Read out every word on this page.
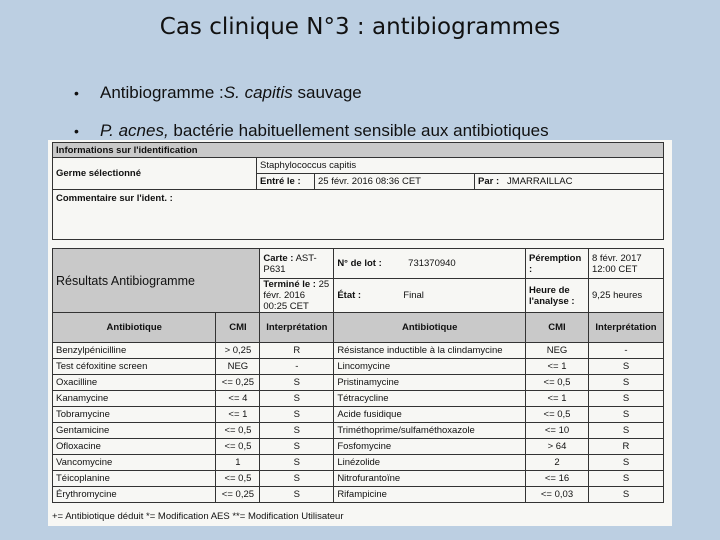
Cas clinique N°3 : antibiogrammes
•	Antibiogramme : S. capitis sauvage
•	P. acnes, bactérie habituellement sensible aux antibiotiques
Informations sur l'identification			
Germe sélectionné	Staphylococcus capitis		
	Entré le :	25 févr. 2016 08:36 CET	Par : JMARRAILLAC
Commentaire sur l'ident. :			
Résultats Antibiogramme		Carte : AST-P631	N° de lot : 731370940	Péremption :	8 févr. 2017 12:00 CET
		Terminé le : 25 févr. 2016 00:25 CET	État : Final	Heure de l'analyse :	9,25 heures
Antibiotique	CMI	Interprétation	Antibiotique	CMI	Interprétation
Benzylpénicilline	> 0,25	R	Résistance inductible à la clindamycine	NEG	-
Test céfoxitine screen	NEG	-	Lincomycine	<= 1	S
Oxacilline	<= 0,25	S	Pristinamycine	<= 0,5	S
Kanamycine	<= 4	S	Tétracycline	<= 1	S
Tobramycine	<= 1	S	Acide fusidique	<= 0,5	S
Gentamicine	<= 0,5	S	Triméthoprime/sulfaméthoxazole	<= 10	S
Ofloxacine	<= 0,5	S	Fosfomycine	> 64	R
Vancomycine	1	S	Linézolide	2	S
Téicoplanine	<= 0,5	S	Nitrofurantoïne	<= 16	S
Érythromycine	<= 0,25	S	Rifampicine	<= 0,03	S
+= Antibiotique déduit *= Modification AES **= Modification Utilisateur
